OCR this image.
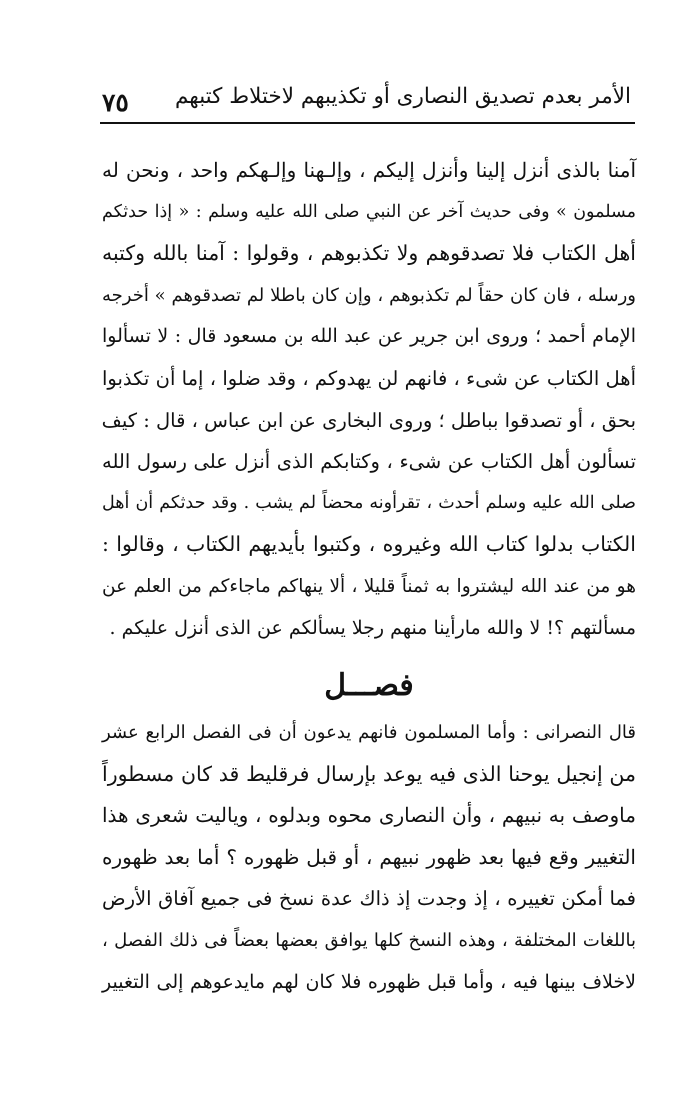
الأمر بعدم تصديق النصارى أو تكذيبهم لاختلاط كتبهم
٧٥
آمنا بالذى أنزل إلينا وأنزل إليكم ، وإلـهنا وإلـهكم واحد ، ونحن له
مسلمون » وفى حديث آخر عن النبي صلى الله عليه وسلم : « إذا حدثكم
أهل الكتاب فلا تصدقوهم ولا تكذبوهم ، وقولوا : آمنا بالله وكتبه
ورسله ، فان كان حقاً لم تكذبوهم ، وإن كان باطلا لم تصدقوهم » أخرجه
الإمام أحمد ؛ وروى ابن جرير عن عبد الله بن مسعود قال : لا تسألوا
أهل الكتاب عن شىء ، فانهم لن يهدوكم ، وقد ضلوا ، إما أن تكذبوا
بحق ، أو تصدقوا بباطل ؛ وروى البخارى عن ابن عباس ، قال : كيف
تسألون أهل الكتاب عن شىء ، وكتابكم الذى أنزل على رسول الله
صلى الله عليه وسلم أحدث ، تقرأونه محضاً لم يشب . وقد حدثكم أن أهل
الكتاب بدلوا كتاب الله وغيروه ، وكتبوا بأيديهم الكتاب ، وقالوا :
هو من عند الله ليشتروا به ثمناً قليلا ، ألا ينهاكم ماجاءكم من العلم عن
مسألتهم ؟! لا والله مارأينا منهم رجلا يسألكم عن الذى أنزل عليكم .
فصـــل
قال النصرانى : وأما المسلمون فانهم يدعون أن فى الفصل الرابع عشر
من إنجيل يوحنا الذى فيه يوعد بإرسال فرقليط قد كان مسطوراً
ماوصف به نبيهم ، وأن النصارى محوه وبدلوه ، وياليت شعرى هذا
التغيير وقع فيها بعد ظهور نبيهم ، أو قبل ظهوره ؟ أما بعد ظهوره
فما أمكن تغييره ، إذ وجدت إذ ذاك عدة نسخ فى جميع آفاق الأرض
باللغات المختلفة ، وهذه النسخ كلها يوافق بعضها بعضاً فى ذلك الفصل ،
لاخلاف بينها فيه ، وأما قبل ظهوره فلا كان لهم مايدعوهم إلى التغيير
